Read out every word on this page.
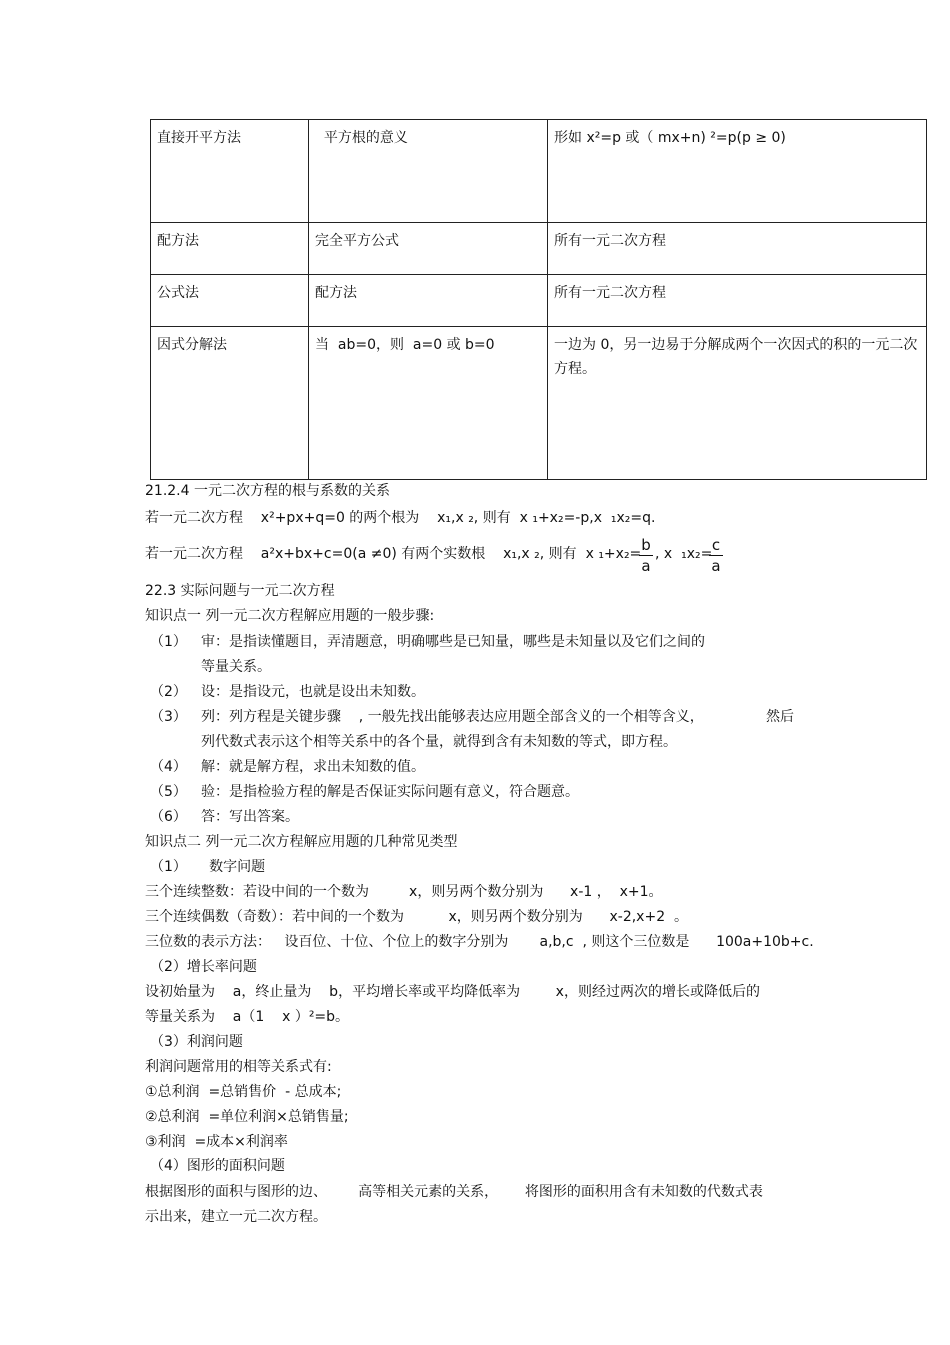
直接开平方法	平方根的意义	形如 x²=p 或（ mx+n) ²=p(p ≥ 0)
配方法	完全平方公式	所有一元二次方程
公式法	配方法	所有一元二次方程
因式分解法	当  ab=0，则  a=0 或 b=0	一边为 0，另一边易于分解成两个一次因式的积的一元二次方程。
21.2.4 一元二次方程的根与系数的关系
若一元二次方程    x²+px+q=0 的两个根为    x₁,x ₂, 则有  x ₁+x₂=-p,x  ₁x₂=q.
若一元二次方程    a²x+bx+c=0(a ≠0) 有两个实数根    x₁,x ₂, 则有  x ₁+x₂=
$\frac{b}{a}$ , x  ₁x₂=
$\frac{c}{a}$
22.3 实际问题与一元二次方程
知识点一 列一元二次方程解应用题的一般步骤:
（1） 审：是指读懂题目，弄清题意，明确哪些是已知量，哪些是未知量以及它们之间的
等量关系。
（2） 设：是指设元，也就是设出未知数。
（3） 列：列方程是关键步骤    , 一般先找出能够表达应用题全部含义的一个相等含义，              然后
列代数式表示这个相等关系中的各个量，就得到含有未知数的等式，即方程。
（4） 解：就是解方程，求出未知数的值。
（5） 验：是指检验方程的解是否保证实际问题有意义，符合题意。
（6） 答：写出答案。
知识点二 列一元二次方程解应用题的几种常见类型
（1）     数字问题
三个连续整数：若设中间的一个数为         x，则另两个数分别为      x-1 ，  x+1。
三个连续偶数（奇数）：若中间的一个数为          x，则另两个数分别为      x-2,x+2  。
三位数的表示方法：   设百位、十位、个位上的数字分别为       a,b,c  , 则这个三位数是      100a+10b+c.
（2）增长率问题
设初始量为    a，终止量为    b，平均增长率或平均降低率为        x，则经过两次的增长或降低后的
等量关系为    a（1    x ）²=b。
（3）利润问题
利润问题常用的相等关系式有:
①总利润  =总销售价  - 总成本;
②总利润  =单位利润×总销售量;
③利润  =成本×利润率
（4）图形的面积问题
根据图形的面积与图形的边、       高等相关元素的关系，      将图形的面积用含有未知数的代数式表
示出来，建立一元二次方程。
